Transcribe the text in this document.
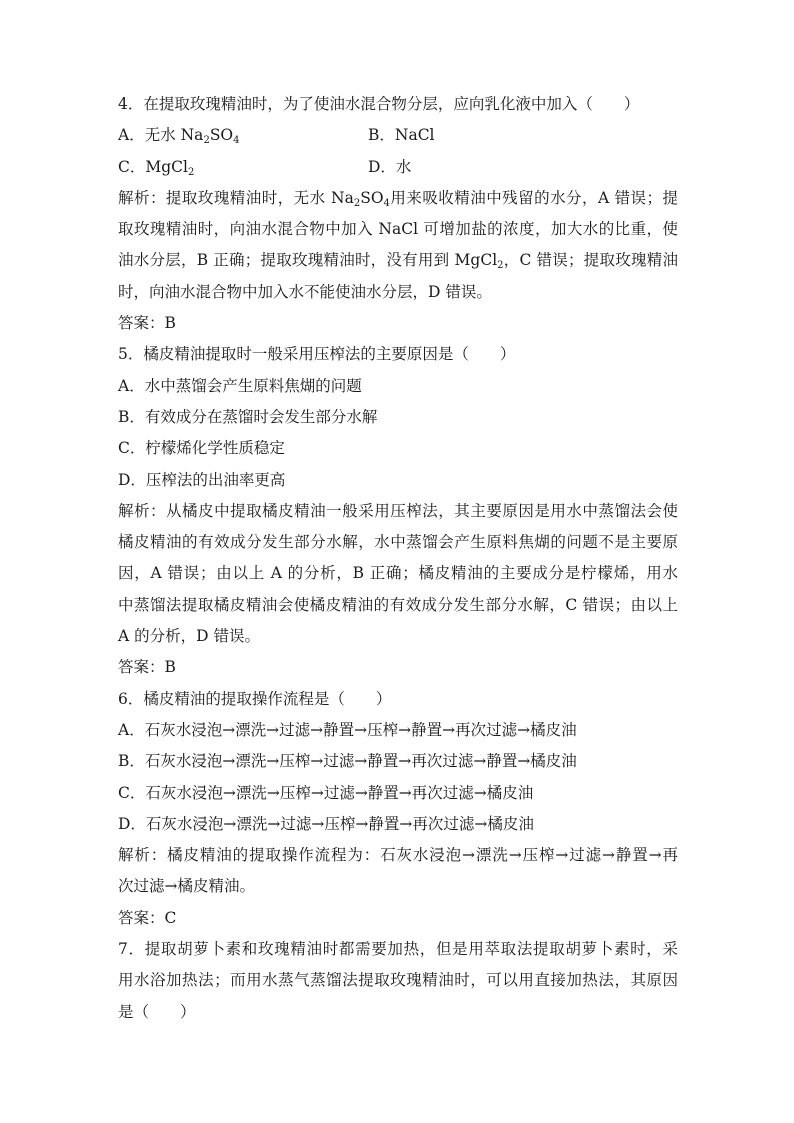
4．在提取玫瑰精油时，为了使油水混合物分层，应向乳化液中加入（　　）
A．无水 $Na_2SO_4$	B．NaCl
C．MgCl$_2$	D．水
解析：提取玫瑰精油时，无水 $Na_2SO_4$用来吸收精油中残留的水分，A 错误；提
取玫瑰精油时，向油水混合物中加入 NaCl 可增加盐的浓度，加大水的比重，使
油水分层，B 正确；提取玫瑰精油时，没有用到 MgCl$_2$，C 错误；提取玫瑰精油
时，向油水混合物中加入水不能使油水分层，D 错误。
答案：B
5．橘皮精油提取时一般采用压榨法的主要原因是（　　）
A．水中蒸馏会产生原料焦煳的问题
B．有效成分在蒸馏时会发生部分水解
C．柠檬烯化学性质稳定
D．压榨法的出油率更高
解析：从橘皮中提取橘皮精油一般采用压榨法，其主要原因是用水中蒸馏法会使
橘皮精油的有效成分发生部分水解，水中蒸馏会产生原料焦煳的问题不是主要原
因，A 错误；由以上 A 的分析，B 正确；橘皮精油的主要成分是柠檬烯，用水
中蒸馏法提取橘皮精油会使橘皮精油的有效成分发生部分水解，C 错误；由以上
A 的分析，D 错误。
答案：B
6．橘皮精油的提取操作流程是（　　）
A．石灰水浸泡→漂洗→过滤→静置→压榨→静置→再次过滤→橘皮油
B．石灰水浸泡→漂洗→压榨→过滤→静置→再次过滤→静置→橘皮油
C．石灰水浸泡→漂洗→压榨→过滤→静置→再次过滤→橘皮油
D．石灰水浸泡→漂洗→过滤→压榨→静置→再次过滤→橘皮油
解析：橘皮精油的提取操作流程为：石灰水浸泡→漂洗→压榨→过滤→静置→再
次过滤→橘皮精油。
答案：C
7．提取胡萝卜素和玫瑰精油时都需要加热，但是用萃取法提取胡萝卜素时，采
用水浴加热法；而用水蒸气蒸馏法提取玫瑰精油时，可以用直接加热法，其原因
是（　　）
